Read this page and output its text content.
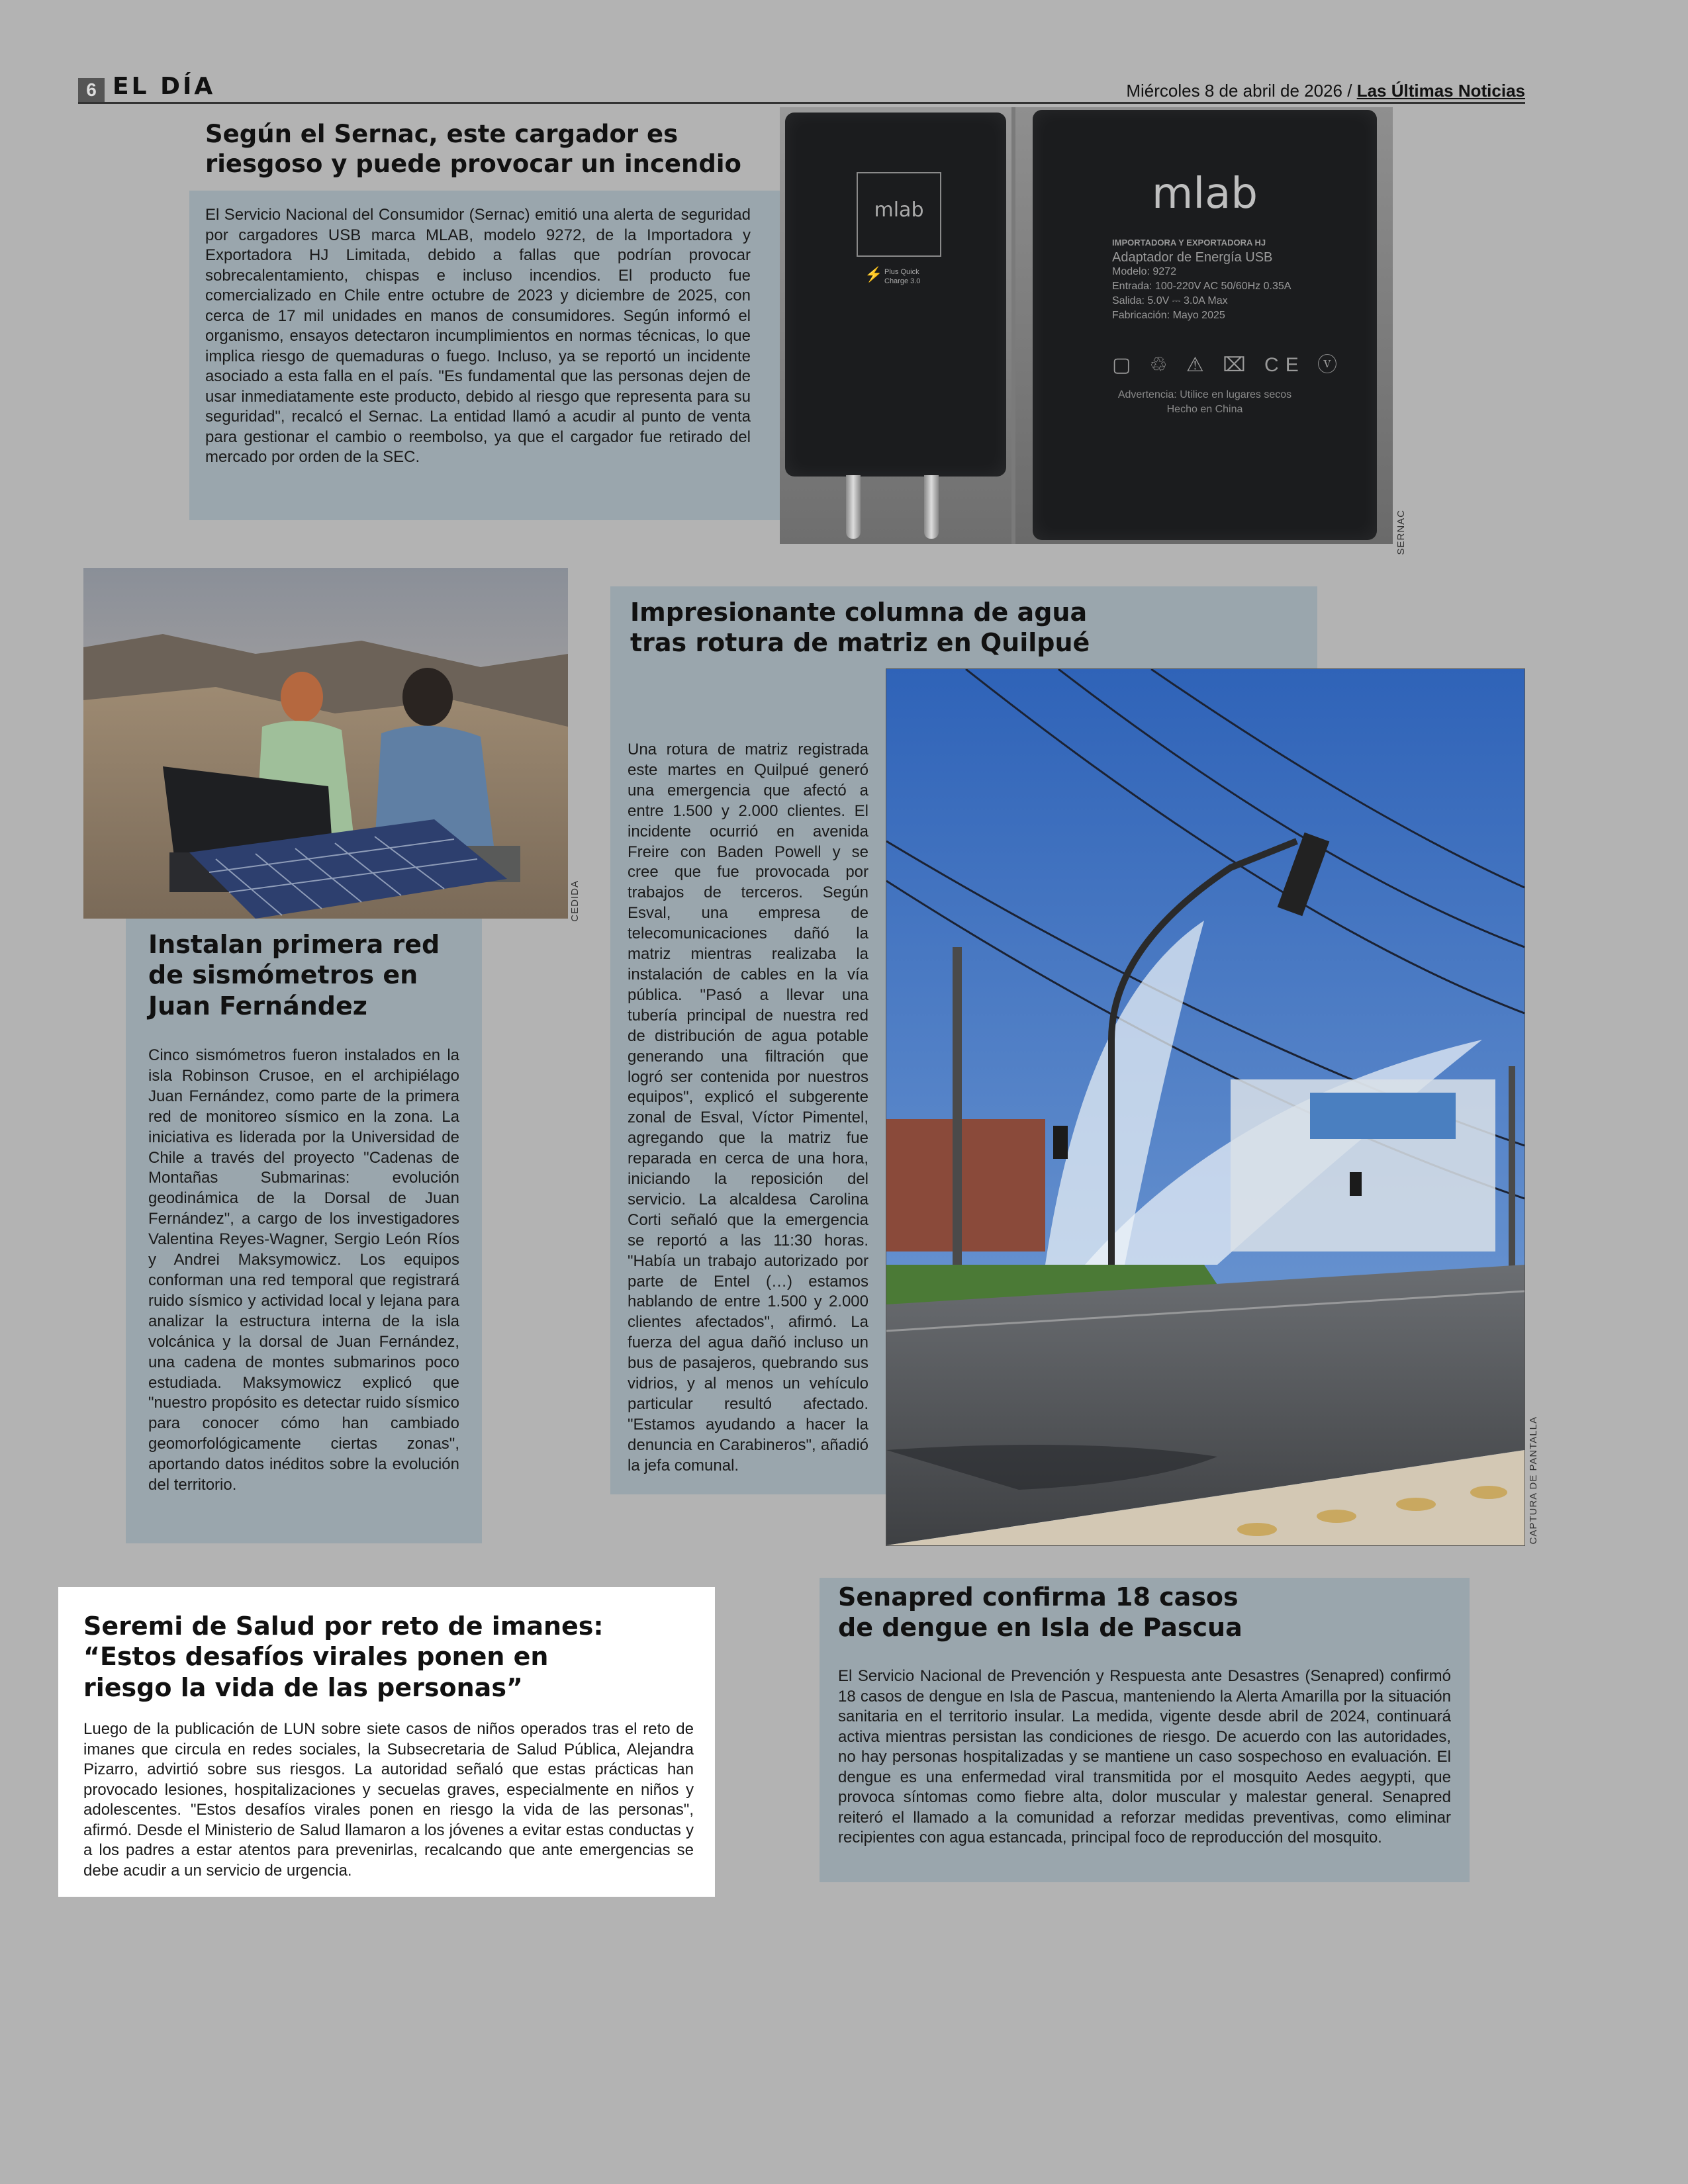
6 EL DÍA	Miércoles 8 de abril de 2026 / Las Últimas Noticias
Según el Sernac, este cargador es riesgoso y puede provocar un incendio
El Servicio Nacional del Consumidor (Sernac) emitió una alerta de seguridad por cargadores USB marca MLAB, modelo 9272, de la Importadora y Exportadora HJ Limitada, debido a fallas que podrían provocar sobrecalentamiento, chispas e incluso incendios. El producto fue comercializado en Chile entre octubre de 2023 y diciembre de 2025, con cerca de 17 mil unidades en manos de consumidores. Según informó el organismo, ensayos detectaron incumplimientos en normas técnicas, lo que implica riesgo de quemaduras o fuego. Incluso, ya se reportó un incidente asociado a esta falla en el país. "Es fundamental que las personas dejen de usar inmediatamente este producto, debido al riesgo que representa para su seguridad", recalcó el Sernac. La entidad llamó a acudir al punto de venta para gestionar el cambio o reembolso, ya que el cargador fue retirado del mercado por orden de la SEC.
mlab
⚡ Plus Quick
Charge 3.0
mlab
IMPORTADORA Y EXPORTADORA HJ
Adaptador de Energía USB
Modelo: 9272
Entrada: 100-220V AC 50/60Hz 0.35A
Salida: 5.0V ⎓ 3.0A Max
Fabricación: Mayo 2025
▢ ♲ ⚠ ⌧ CE ⓥ
Advertencia: Utilice en lugares secos
Hecho en China
SERNAC
CEDIDA
Instalan primera red de sismómetros en Juan Fernández
Cinco sismómetros fueron instalados en la isla Robinson Crusoe, en el archipiélago Juan Fernández, como parte de la primera red de monitoreo sísmico en la zona. La iniciativa es liderada por la Universidad de Chile a través del proyecto "Cadenas de Montañas Submarinas: evolución geodinámica de la Dorsal de Juan Fernández", a cargo de los investigadores Valentina Reyes-Wagner, Sergio León Ríos y Andrei Maksymowicz. Los equipos conforman una red temporal que registrará ruido sísmico y actividad local y lejana para analizar la estructura interna de la isla volcánica y la dorsal de Juan Fernández, una cadena de montes submarinos poco estudiada. Maksymowicz explicó que "nuestro propósito es detectar ruido sísmico para conocer cómo han cambiado geomorfológicamente ciertas zonas", aportando datos inéditos sobre la evolución del territorio.
Impresionante columna de agua tras rotura de matriz en Quilpué
Una rotura de matriz registrada este martes en Quilpué generó una emergencia que afectó a entre 1.500 y 2.000 clientes. El incidente ocurrió en avenida Freire con Baden Powell y se cree que fue provocada por trabajos de terceros. Según Esval, una empresa de telecomunicaciones dañó la matriz mientras realizaba la instalación de cables en la vía pública. "Pasó a llevar una tubería principal de nuestra red de distribución de agua potable generando una filtración que logró ser contenida por nuestros equipos", explicó el subgerente zonal de Esval, Víctor Pimentel, agregando que la matriz fue reparada en cerca de una hora, iniciando la reposición del servicio. La alcaldesa Carolina Corti señaló que la emergencia se reportó a las 11:30 horas. "Había un trabajo autorizado por parte de Entel (…) estamos hablando de entre 1.500 y 2.000 clientes afectados", afirmó. La fuerza del agua dañó incluso un bus de pasajeros, quebrando sus vidrios, y al menos un vehículo particular resultó afectado. "Estamos ayudando a hacer la denuncia en Carabineros", añadió la jefa comunal.	CAPTURA DE PANTALLA
Seremi de Salud por reto de imanes:
“Estos desafíos virales ponen en riesgo la vida de las personas”
Luego de la publicación de LUN sobre siete casos de niños operados tras el reto de imanes que circula en redes sociales, la Subsecretaria de Salud Pública, Alejandra Pizarro, advirtió sobre sus riesgos. La autoridad señaló que estas prácticas han provocado lesiones, hospitalizaciones y secuelas graves, especialmente en niños y adolescentes. "Estos desafíos virales ponen en riesgo la vida de las personas", afirmó. Desde el Ministerio de Salud llamaron a los jóvenes a evitar estas conductas y a los padres a estar atentos para prevenirlas, recalcando que ante emergencias se debe acudir a un servicio de urgencia.
Senapred confirma 18 casos de dengue en Isla de Pascua
El Servicio Nacional de Prevención y Respuesta ante Desastres (Senapred) confirmó 18 casos de dengue en Isla de Pascua, manteniendo la Alerta Amarilla por la situación sanitaria en el territorio insular. La medida, vigente desde abril de 2024, continuará activa mientras persistan las condiciones de riesgo. De acuerdo con las autoridades, no hay personas hospitalizadas y se mantiene un caso sospechoso en evaluación. El dengue es una enfermedad viral transmitida por el mosquito Aedes aegypti, que provoca síntomas como fiebre alta, dolor muscular y malestar general. Senapred reiteró el llamado a la comunidad a reforzar medidas preventivas, como eliminar recipientes con agua estancada, principal foco de reproducción del mosquito.
